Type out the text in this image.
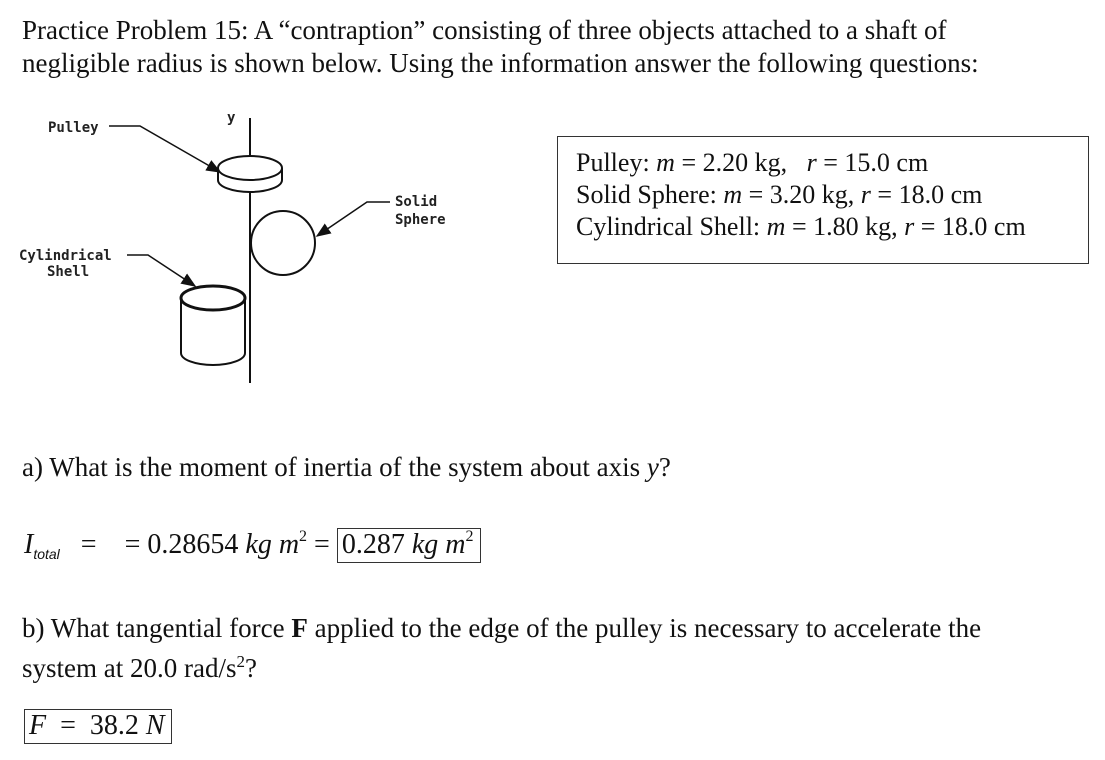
Practice Problem 15: A “contraption” consisting of three objects attached to a shaft of
negligible radius is shown below. Using the information answer the following questions:
y
Pulley
Solid
Sphere
Cylindrical
Shell
Pulley: m = 2.20 kg, r = 15.0 cm
Solid Sphere: m = 3.20 kg, r = 18.0 cm
Cylindrical Shell: m = 1.80 kg, r = 18.0 cm
a) What is the moment of inertia of the system about axis y?
$I_{total}$ = = 0.28654 kg $m^2 = 0.287$ kg $m^2$
b) What tangential force F applied to the edge of the pulley is necessary to accelerate the
system at 20.0 rad/$s^2$?
F = 38.2 N
